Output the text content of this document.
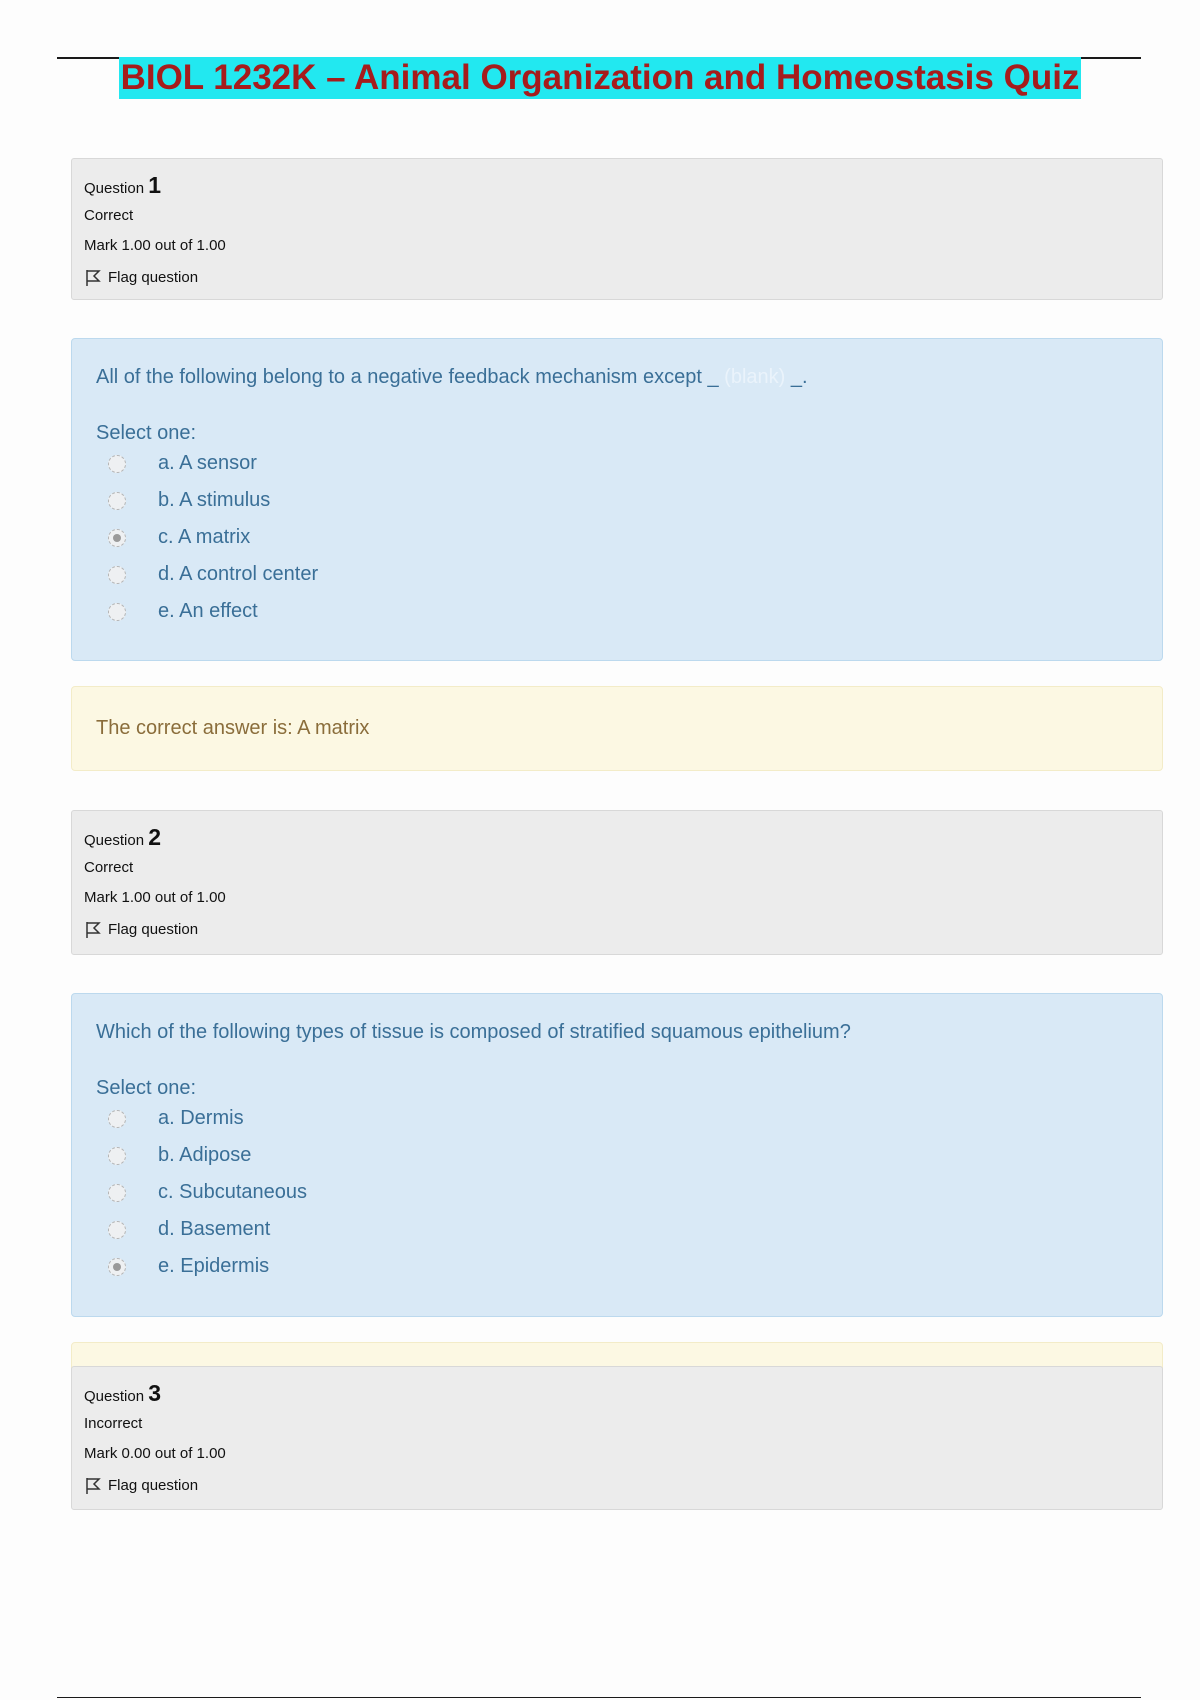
BIOL 1232K – Animal Organization and Homeostasis Quiz
Question 1
Correct
Mark 1.00 out of 1.00
Flag question
All of the following belong to a negative feedback mechanism except _ (blank) _.
Select one:
a. A sensor
b. A stimulus
c. A matrix
d. A control center
e. An effect
The correct answer is: A matrix
Question 2
Correct
Mark 1.00 out of 1.00
Flag question
Which of the following types of tissue is composed of stratified squamous epithelium?
Select one:
a. Dermis
b. Adipose
c. Subcutaneous
d. Basement
e. Epidermis
Question 3
Incorrect
Mark 0.00 out of 1.00
Flag question
